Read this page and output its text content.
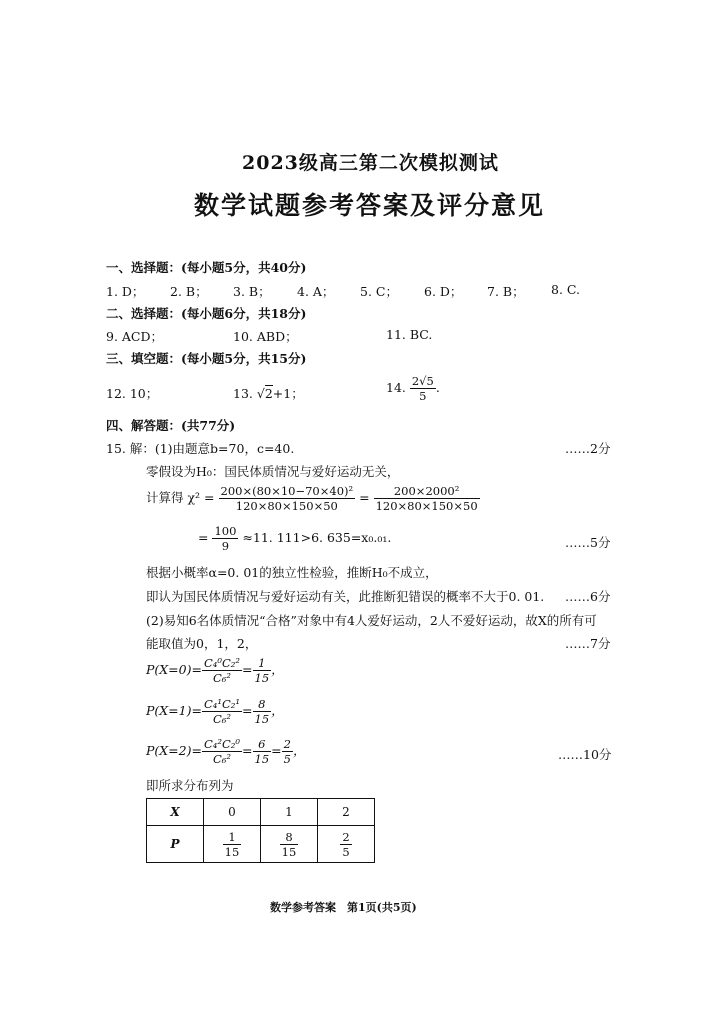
2023级高三第二次模拟测试
数学试题参考答案及评分意见
一、选择题：(每小题5分，共40分)
1. D； 2. B； 3. B； 4. A； 5. C； 6. D； 7. B； 8. C.
二、选择题：(每小题6分，共18分)
9. ACD；	10. ABD；	11. BC.
三、填空题：(每小题5分，共15分)
12. 10；	13. √2+1；	14. $\frac{2√5}{5}$ .
四、解答题：(共77分)
15. 解：(1)由题意b=70，c=40.	……2分
零假设为H₀：国民体质情况与爱好运动无关，
计算得 $\chi^2 = \frac{\text{200×(80×10−70×40)²}}{120\times 80\times 150\times 50} = \frac{\text{200×2000²}}{120\times 80\times 150\times 50}$
= $\frac{100}{9} \approx 11$. 111>6. 635=x₀.₀₁.	……5分
根据小概率α=0. 01的独立性检验，推断H₀不成立，
即认为国民体质情况与爱好运动有关，此推断犯错误的概率不大于0. 01. ……6分
(2)易知6名体质情况“合格”对象中有4人爱好运动，2人不爱好运动，故X的所有可
能取值为0，1，2，	……7分
$P(X=0)= \frac{\text{C₄⁰C₂²}}{\text{C₆²}} = \frac{1}{15}$ ，
$P(X=1)= \frac{\text{C₄¹C₂¹}}{\text{C₆²}} = \frac{8}{15}$ ，
$P(X=2)= \frac{\text{C₄²C₂⁰}}{\text{C₆²}} = \frac{6}{15} = \frac{2}{5}$ ，	……10分
即所求分布列为
X	0	1	2
P	$\frac{1}{15}$	$\frac{8}{15}$	$\frac{2}{5}$
数学参考答案　第1页(共5页)
